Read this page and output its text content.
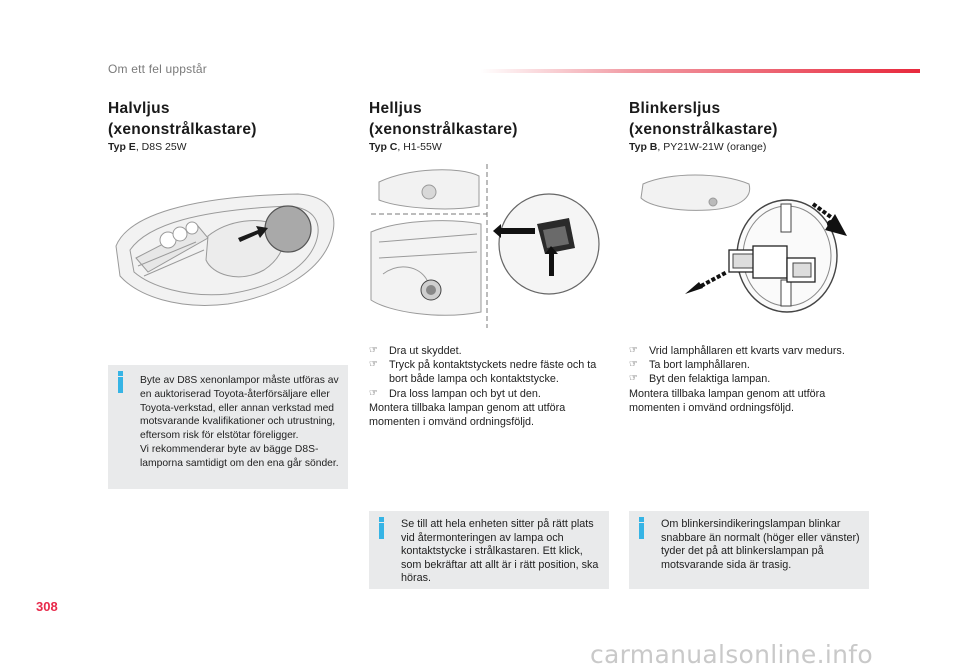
Om ett fel uppstår
Halvljus
(xenonstrålkastare)
Typ E, D8S 25W
Byte av D8S xenonlampor måste utföras av en auktoriserad Toyota-återförsäljare eller Toyota-verkstad, eller annan verkstad med motsvarande kvalifikationer och utrustning, eftersom risk för elstötar föreligger.
Vi rekommenderar byte av bägge D8S-lamporna samtidigt om den ena går sönder.
Helljus
(xenonstrålkastare)
Typ C, H1-55W
☞ Dra ut skyddet.
☞ Tryck på kontaktstyckets nedre fäste och ta bort både lampa och kontaktstycke.
☞ Dra loss lampan och byt ut den.
Montera tillbaka lampan genom att utföra momenten i omvänd ordningsföljd.
Se till att hela enheten sitter på rätt plats vid återmonteringen av lampa och kontaktstycke i strålkastaren. Ett klick, som bekräftar att allt är i rätt position, ska höras.
Blinkersljus
(xenonstrålkastare)
Typ B, PY21W-21W (orange)
☞ Vrid lamphållaren ett kvarts varv medurs.
☞ Ta bort lamphållaren.
☞ Byt den felaktiga lampan.
Montera tillbaka lampan genom att utföra momenten i omvänd ordningsföljd.
Om blinkersindikeringslampan blinkar snabbare än normalt (höger eller vänster) tyder det på att blinkerslampan på motsvarande sida är trasig.
308
carmanualsonline.info
